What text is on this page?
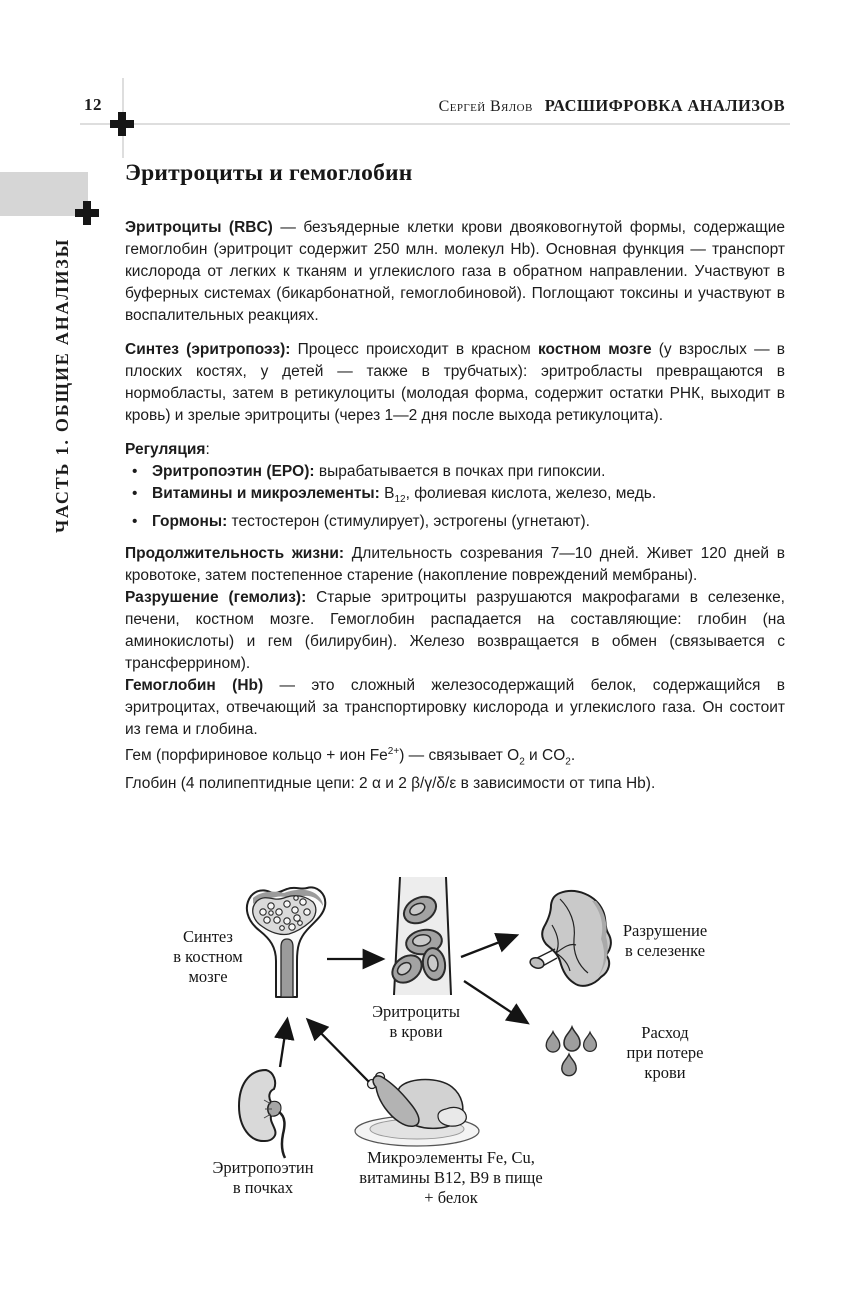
12	Сергей Вялов РАСШИФРОВКА АНАЛИЗОВ
ЧАСТЬ 1. ОБЩИЕ АНАЛИЗЫ
Эритроциты и гемоглобин

Эритроциты (RBC) — безъядерные клетки крови двояковогнутой формы, содержащие гемоглобин (эритроцит содержит 250 млн. молекул Hb). Основная функция — транспорт кислорода от легких к тканям и углекислого газа в обратном направлении. Участвуют в буферных системах (бикарбонатной, гемоглобиновой). Поглощают токсины и участвуют в воспалительных реакциях.

Синтез (эритропоэз): Процесс происходит в красном костном мозге (у взрослых — в плоских костях, у детей — также в трубчатых): эритробласты превращаются в нормобласты, затем в ретикулоциты (молодая форма, содержит остатки РНК, выходит в кровь) и зрелые эритроциты (через 1—2 дня после выхода ретикулоцита).

Регуляция:

• Эритропоэтин (EPO): вырабатывается в почках при гипоксии.
• Витамины и микроэлементы: $В_{12}$, фолиевая кислота, железо, медь.
• Гормоны: тестостерон (стимулирует), эстрогены (угнетают).

Продолжительность жизни: Длительность созревания 7—10 дней. Живет 120 дней в кровотоке, затем постепенное старение (накопление повреждений мембраны).

Разрушение (гемолиз): Старые эритроциты разрушаются макрофагами в селезенке, печени, костном мозге. Гемоглобин распадается на составляющие: глобин (на аминокислоты) и гем (билирубин). Железо возвращается в обмен (связывается с трансферрином).

Гемоглобин (Hb) — это сложный железосодержащий белок, содержащийся в эритроцитах, отвечающий за транспортировку кислорода и углекислого газа. Он состоит из гема и глобина.

Гем (порфириновое кольцо + ион $Fe^{2+}$) — связывает $O_2$ и $CO_2$.

Глобин (4 полипептидные цепи: 2 α и 2 β/γ/δ/ε в зависимости от типа Hb).

Синтез
в костном
мозге
Эритроциты
в крови
Разрушение
в селезенке
Расход
при потере
крови
Эритропоэтин
в почках
Микроэлементы Fe, Cu,
витамины B12, B9 в пище
+ белок
